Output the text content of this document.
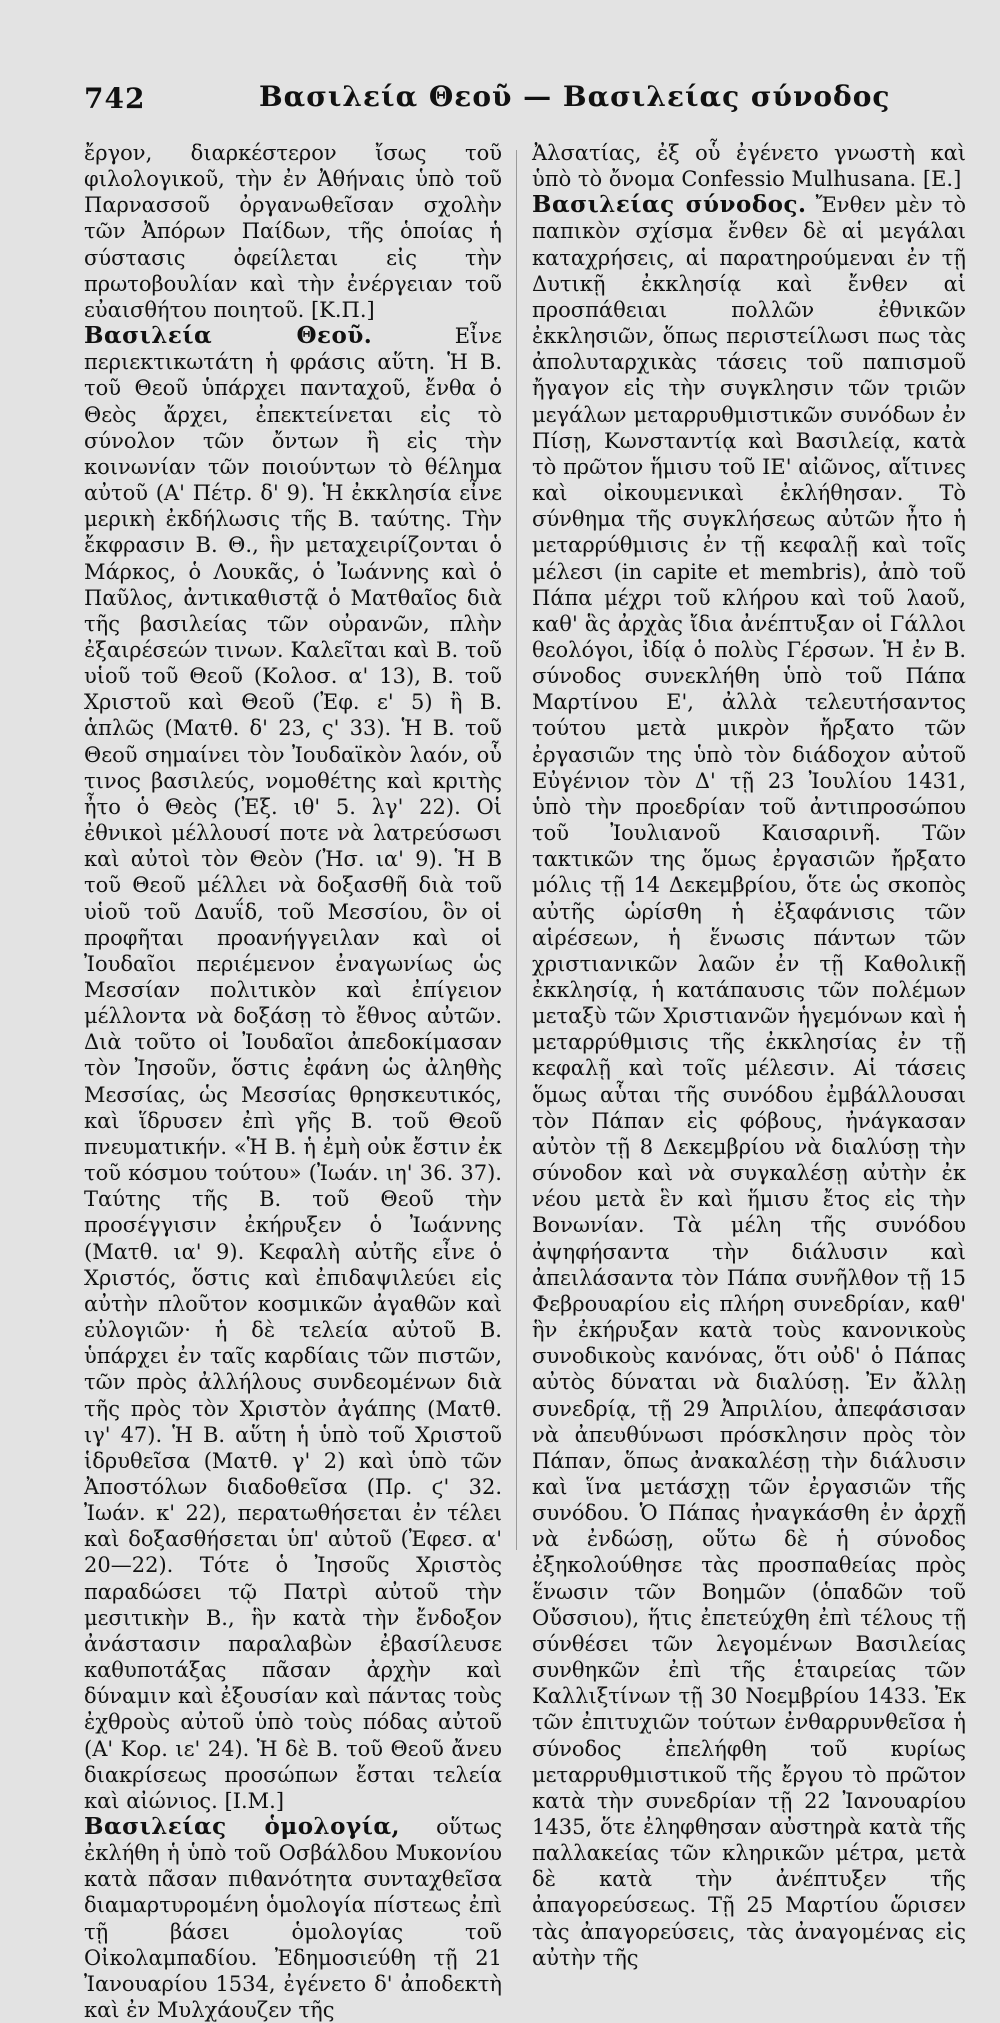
742	Βασιλεία Θεοῦ — Βασιλείας σύνοδος

ἔργον, διαρκέστερον ἴσως τοῦ φιλολογικοῦ, τὴν ἐν Ἀθήναις ὑπὸ τοῦ Παρνασσοῦ ὀργανωθεῖσαν σχολὴν τῶν Ἀπόρων Παίδων, τῆς ὁποίας ἡ σύστασις ὀφείλεται εἰς τὴν πρωτοβουλίαν καὶ τὴν ἐνέργειαν τοῦ εὐαισθήτου ποιητοῦ. [Κ.Π.]

Βασιλεία Θεοῦ.	Εἶνε περιεκτικωτάτη ἡ φράσις αὕτη. Ἡ Β. τοῦ Θεοῦ ὑπάρχει πανταχοῦ, ἔνθα ὁ Θεὸς ἄρχει, ἐπεκτείνεται εἰς τὸ σύνολον τῶν ὄντων ἢ εἰς τὴν κοινωνίαν τῶν ποιούντων τὸ θέλημα αὐτοῦ (Α' Πέτρ. δ' 9). Ἡ ἐκκλησία εἶνε μερικὴ ἐκδήλωσις τῆς Β. ταύτης. Τὴν ἔκφρασιν Β. Θ., ἣν μεταχειρίζονται ὁ Μάρκος, ὁ Λουκᾶς, ὁ Ἰωάννης καὶ ὁ Παῦλος, ἀντικαθιστᾷ ὁ Ματθαῖος διὰ τῆς βασιλείας τῶν οὐρανῶν, πλὴν ἐξαιρέσεών τινων. Καλεῖται καὶ Β. τοῦ υἱοῦ τοῦ Θεοῦ (Κολοσ. α' 13), Β. τοῦ Χριστοῦ καὶ Θεοῦ (Ἐφ. ε' 5) ἢ Β. ἁπλῶς (Ματθ. δ' 23, ς' 33). Ἡ Β. τοῦ Θεοῦ σημαίνει τὸν Ἰουδαϊκὸν λαόν, οὗ τινος βασιλεύς, νομοθέτης καὶ κριτὴς ἦτο ὁ Θεὸς (Ἐξ. ιθ' 5. λγ' 22). Οἱ ἐθνικοὶ μέλλουσί ποτε νὰ λατρεύσωσι καὶ αὐτοὶ τὸν Θεὸν (Ἠσ. ια' 9). Ἡ Β τοῦ Θεοῦ μέλλει νὰ δοξασθῆ διὰ τοῦ υἱοῦ τοῦ Δαυΐδ, τοῦ Μεσσίου, ὃν οἱ προφῆται προανήγγειλαν καὶ οἱ Ἰουδαῖοι περιέμενον ἐναγωνίως ὡς Μεσσίαν πολιτικὸν καὶ ἐπίγειον μέλλοντα νὰ δοξάσῃ τὸ ἔθνος αὐτῶν. Διὰ τοῦτο οἱ Ἰουδαῖοι ἀπεδοκίμασαν τὸν Ἰησοῦν, ὅστις ἐφάνη ὡς ἀληθὴς Μεσσίας, ὡς Μεσσίας θρησκευτικός, καὶ ἵδρυσεν ἐπὶ γῆς Β. τοῦ Θεοῦ πνευματικήν. «Ἡ Β. ἡ ἐμὴ οὐκ ἔστιν ἐκ τοῦ κόσμου τούτου» (Ἰωάν. ιη' 36. 37). Ταύτης τῆς Β. τοῦ Θεοῦ τὴν προσέγγισιν ἐκήρυξεν ὁ Ἰωάννης (Ματθ. ια' 9). Κεφαλὴ αὐτῆς εἶνε ὁ Χριστός, ὅστις καὶ ἐπιδαψιλεύει εἰς αὐτὴν πλοῦτον κοσμικῶν ἀγαθῶν καὶ εὐλογιῶν· ἡ δὲ τελεία αὐτοῦ Β. ὑπάρχει ἐν ταῖς καρδίαις τῶν πιστῶν, τῶν πρὸς ἀλλήλους συνδεομένων διὰ τῆς πρὸς τὸν Χριστὸν ἀγάπης (Ματθ. ιγ' 47). Ἡ Β. αὕτη ἡ ὑπὸ τοῦ Χριστοῦ ἱδρυθεῖσα (Ματθ. γ' 2) καὶ ὑπὸ τῶν Ἀποστόλων διαδοθεῖσα (Πρ. ϛ' 32. Ἰωάν. κ' 22), περατωθήσεται ἐν τέλει καὶ δοξασθήσεται ὑπ' αὐτοῦ (Ἐφεσ. α' 20—22). Τότε ὁ Ἰησοῦς Χριστὸς παραδώσει τῷ Πατρὶ αὐτοῦ τὴν μεσιτικὴν Β., ἣν κατὰ τὴν ἔνδοξον ἀνάστασιν παραλαβὼν ἐβασίλευσε καθυποτάξας πᾶσαν ἀρχὴν καὶ δύναμιν καὶ ἐξουσίαν καὶ πάντας τοὺς ἐχθροὺς αὐτοῦ ὑπὸ τοὺς πόδας αὐτοῦ (Α' Κορ. ιε' 24). Ἡ δὲ Β. τοῦ Θεοῦ ἄνευ διακρίσεως προσώπων ἔσται τελεία καὶ αἰώνιος. [Ι.Μ.]

Βασιλείας ὁμολογία, οὕτως ἐκλήθη ἡ ὑπὸ τοῦ Οσβάλδου Μυκονίου κατὰ πᾶσαν πιθανότητα συνταχθεῖσα διαμαρτυρομένη ὁμολογία πίστεως ἐπὶ τῇ βάσει ὁμολογίας τοῦ Οἰκολαμπαδίου. Ἐδημοσιεύθη τῇ 21 Ἰανουαρίου 1534, ἐγένετο δ' ἀποδεκτὴ καὶ ἐν Μυλχάουζεν τῆς

Ἀλσατίας, ἐξ οὗ ἐγένετο γνωστὴ καὶ ὑπὸ τὸ ὄνομα Confessio Mulhusana. [Ε.]

Βασιλείας σύνοδος. Ἔνθεν μὲν τὸ παπικὸν σχίσμα ἔνθεν δὲ αἱ μεγάλαι καταχρήσεις, αἱ παρατηρούμεναι ἐν τῇ Δυτικῇ ἐκκλησίᾳ καὶ ἔνθεν αἱ προσπάθειαι πολλῶν ἐθνικῶν ἐκκλησιῶν, ὅπως περιστείλωσι πως τὰς ἀπολυταρχικὰς τάσεις τοῦ παπισμοῦ ἤγαγον εἰς τὴν συγκλησιν τῶν τριῶν μεγάλων μεταρρυθμιστικῶν συνόδων ἐν Πίσῃ, Κωνσταντίᾳ καὶ Βασιλείᾳ, κατὰ τὸ πρῶτον ἥμισυ τοῦ ΙΕ' αἰῶνος, αἵτινες καὶ οἰκουμενικαὶ ἐκλήθησαν. Τὸ σύνθημα τῆς συγκλήσεως αὐτῶν ἦτο ἡ μεταρρύθμισις ἐν τῇ κεφαλῇ καὶ τοῖς μέλεσι (in capite et membris), ἀπὸ τοῦ Πάπα μέχρι τοῦ κλήρου καὶ τοῦ λαοῦ, καθ' ἃς ἀρχὰς ἴδια ἀνέπτυξαν οἱ Γάλλοι θεολόγοι, ἰδίᾳ ὁ πολὺς Γέρσων. Ἡ ἐν Β. σύνοδος συνεκλήθη ὑπὸ τοῦ Πάπα Μαρτίνου Ε', ἀλλὰ τελευτήσαντος τούτου μετὰ μικρὸν ἤρξατο τῶν ἐργασιῶν της ὑπὸ τὸν διάδοχον αὐτοῦ Εὐγένιον τὸν Δ' τῇ 23 Ἰουλίου 1431, ὑπὸ τὴν προεδρίαν τοῦ ἀντιπροσώπου τοῦ Ἰουλιανοῦ Καισαρινῆ. Τῶν τακτικῶν της ὅμως ἐργασιῶν ἤρξατο μόλις τῇ 14 Δεκεμβρίου, ὅτε ὡς σκοπὸς αὐτῆς ὡρίσθη ἡ ἐξαφάνισις τῶν αἱρέσεων, ἡ ἕνωσις πάντων τῶν χριστιανικῶν λαῶν ἐν τῇ Καθολικῇ ἐκκλησίᾳ, ἡ κατάπαυσις τῶν πολέμων μεταξὺ τῶν Χριστιανῶν ἡγεμόνων καὶ ἡ μεταρρύθμισις τῆς ἐκκλησίας ἐν τῇ κεφαλῇ καὶ τοῖς μέλεσιν. Αἱ τάσεις ὅμως αὗται τῆς συνόδου ἐμβάλλουσαι τὸν Πάπαν εἰς φόβους, ἠνάγκασαν αὐτὸν τῇ 8 Δεκεμβρίου νὰ διαλύσῃ τὴν σύνοδον καὶ νὰ συγκαλέσῃ αὐτὴν ἐκ νέου μετὰ ἓν καὶ ἥμισυ ἔτος εἰς τὴν Βονωνίαν. Τὰ μέλη τῆς συνόδου ἀψηφήσαντα τὴν διάλυσιν καὶ ἀπειλάσαντα τὸν Πάπα συνῆλθον τῇ 15 Φεβρουαρίου εἰς πλήρη συνεδρίαν, καθ' ἣν ἐκήρυξαν κατὰ τοὺς κανονικοὺς συνοδικοὺς κανόνας, ὅτι οὐδ' ὁ Πάπας αὐτὸς δύναται νὰ διαλύσῃ. Ἐν ἄλλῃ συνεδρίᾳ, τῇ 29 Ἀπριλίου, ἀπεφάσισαν νὰ ἀπευθύνωσι πρόσκλησιν πρὸς τὸν Πάπαν, ὅπως ἀνακαλέσῃ τὴν διάλυσιν καὶ ἵνα μετάσχῃ τῶν ἐργασιῶν τῆς συνόδου. Ὁ Πάπας ἠναγκάσθη ἐν ἀρχῇ νὰ ἐνδώσῃ, οὕτω δὲ ἡ σύνοδος ἐξηκολούθησε τὰς προσπαθείας πρὸς ἕνωσιν τῶν Βοημῶν (ὁπαδῶν τοῦ Οὔσσιου), ἥτις ἐπετεύχθη ἐπὶ τέλους τῇ σύνθέσει τῶν λεγομένων Βασιλείας συνθηκῶν ἐπὶ τῆς ἑταιρείας τῶν Καλλιξτίνων τῇ 30 Νοεμβρίου 1433. Ἐκ τῶν ἐπιτυχιῶν τούτων ἐνθαρρυνθεῖσα ἡ σύνοδος ἐπελήφθη τοῦ κυρίως μεταρρυθμιστικοῦ τῆς ἔργου τὸ πρῶτον κατὰ τὴν συνεδρίαν τῇ 22 Ἰανουαρίου 1435, ὅτε ἐληφθησαν αὐστηρὰ κατὰ τῆς παλλακείας τῶν κληρικῶν μέτρα, μετὰ δὲ κατὰ τὴν ἀνέπτυξεν τῆς ἀπαγορεύσεως. Τῇ 25 Μαρτίου ὥρισεν τὰς ἀπαγορεύσεις, τὰς ἀναγομένας εἰς αὐτὴν τῆς
